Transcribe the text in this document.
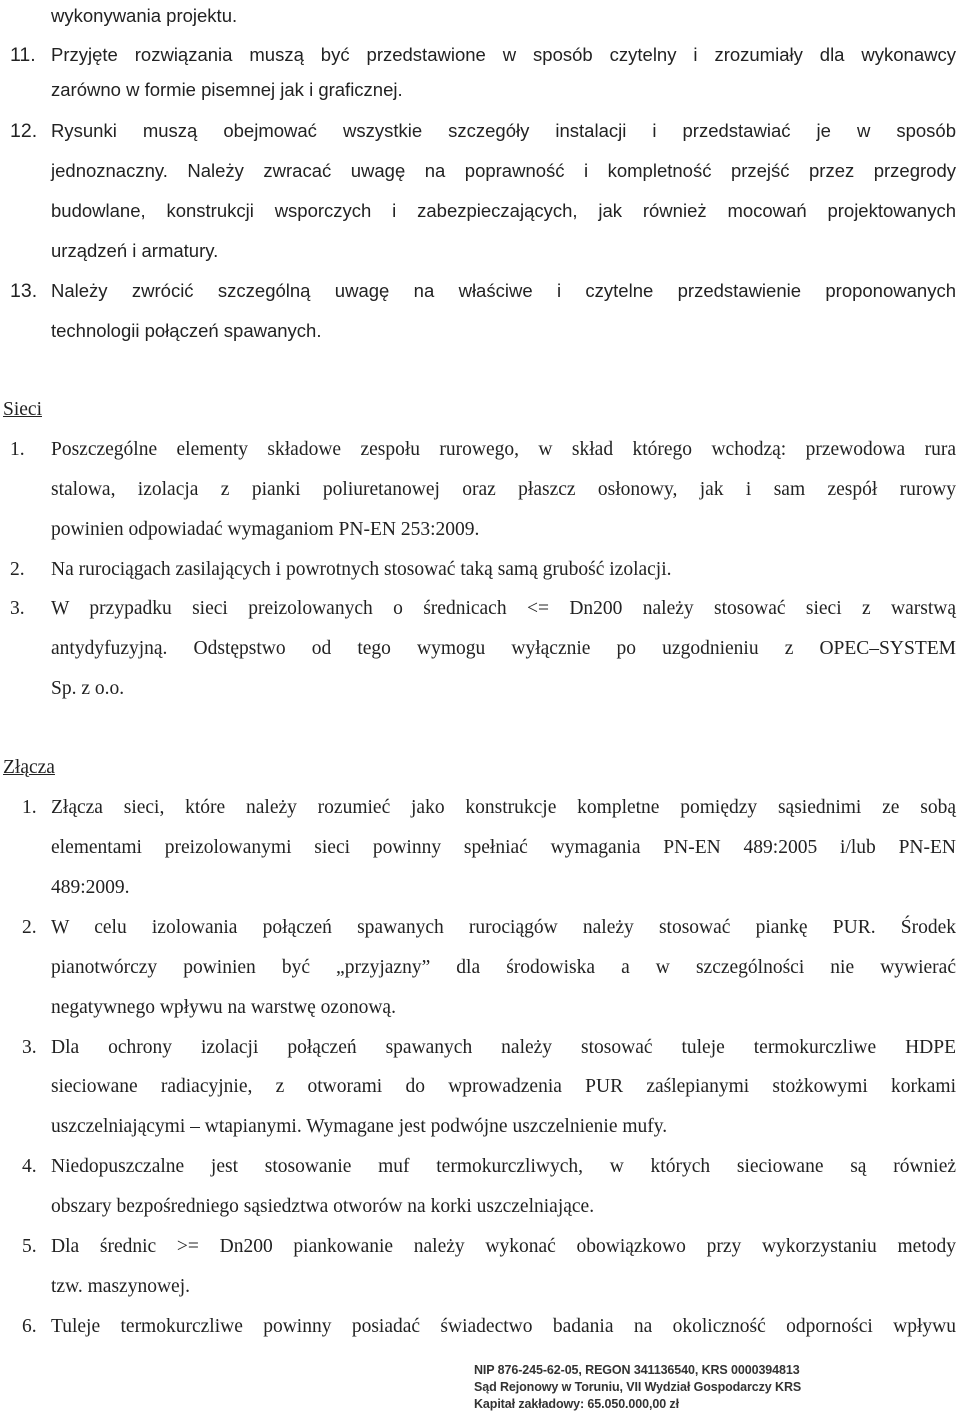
wykonywania projektu.
11. Przyjęte rozwiązania muszą być przedstawione w sposób czytelny i zrozumiały dla wykonawcy
zarówno w formie pisemnej jak i graficznej.
12. Rysunki muszą obejmować wszystkie szczegóły instalacji i przedstawiać je w sposób
jednoznaczny. Należy zwracać uwagę na poprawność i kompletność przejść przez przegrody
budowlane, konstrukcji wsporczych i zabezpieczających, jak również mocowań projektowanych
urządzeń i armatury.
13. Należy zwrócić szczególną uwagę na właściwe i czytelne przedstawienie proponowanych
technologii połączeń spawanych.
Sieci
1. Poszczególne elementy składowe zespołu rurowego, w skład którego wchodzą: przewodowa rura
stalowa, izolacja z pianki poliuretanowej oraz płaszcz osłonowy, jak i sam zespół rurowy
powinien odpowiadać wymaganiom PN-EN 253:2009.
2. Na rurociągach zasilających i powrotnych stosować taką samą grubość izolacji.
3. W przypadku sieci preizolowanych o średnicach <= Dn200 należy stosować sieci z warstwą
antydyfuzyjną. Odstępstwo od tego wymogu wyłącznie po uzgodnieniu z OPEC–SYSTEM
Sp. z o.o.
Złącza
1. Złącza sieci, które należy rozumieć jako konstrukcje kompletne pomiędzy sąsiednimi ze sobą
elementami preizolowanymi sieci powinny spełniać wymagania PN-EN 489:2005 i/lub PN-EN
489:2009.
2. W celu izolowania połączeń spawanych rurociągów należy stosować piankę PUR. Środek
pianotwórczy powinien być „przyjazny” dla środowiska a w szczególności nie wywierać
negatywnego wpływu na warstwę ozonową.
3. Dla ochrony izolacji połączeń spawanych należy stosować tuleje termokurczliwe HDPE
sieciowane radiacyjnie, z otworami do wprowadzenia PUR zaślepianymi stożkowymi korkami
uszczelniającymi – wtapianymi. Wymagane jest podwójne uszczelnienie mufy.
4. Niedopuszczalne jest stosowanie muf termokurczliwych, w których sieciowane są również
obszary bezpośredniego sąsiedztwa otworów na korki uszczelniające.
5. Dla średnic >= Dn200 piankowanie należy wykonać obowiązkowo przy wykorzystaniu metody
tzw. maszynowej.
6. Tuleje termokurczliwe powinny posiadać świadectwo badania na okoliczność odporności wpływu
NIP 876-245-62-05, REGON 341136540, KRS 0000394813
Sąd Rejonowy w Toruniu, VII Wydział Gospodarczy KRS
Kapitał zakładowy: 65.050.000,00 zł
